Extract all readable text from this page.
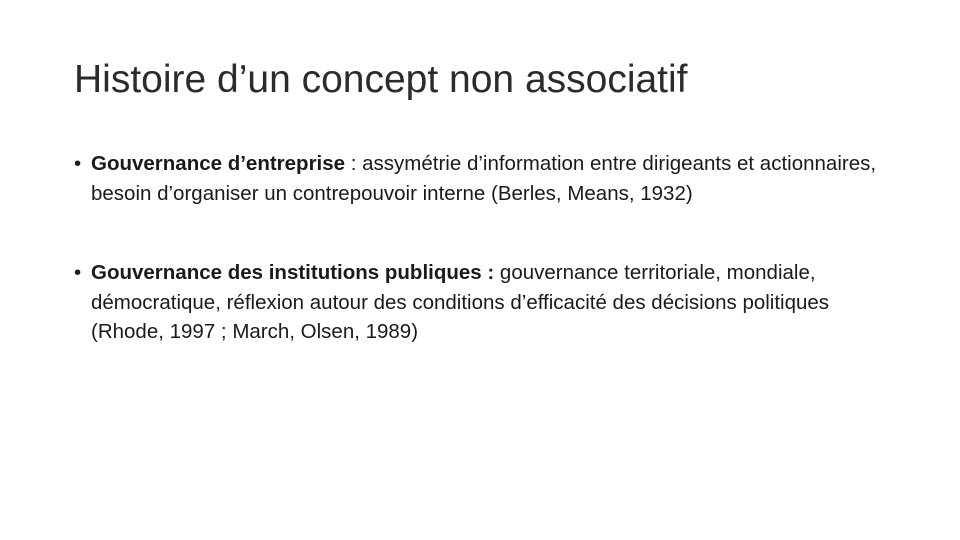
Histoire d’un concept non associatif
• Gouvernance d’entreprise : assymétrie d’information entre dirigeants et actionnaires, besoin d’organiser un contrepouvoir interne (Berles, Means, 1932)
• Gouvernance des institutions publiques : gouvernance territoriale, mondiale, démocratique, réflexion autour des conditions d’efficacité des décisions politiques (Rhode, 1997 ; March, Olsen, 1989)
